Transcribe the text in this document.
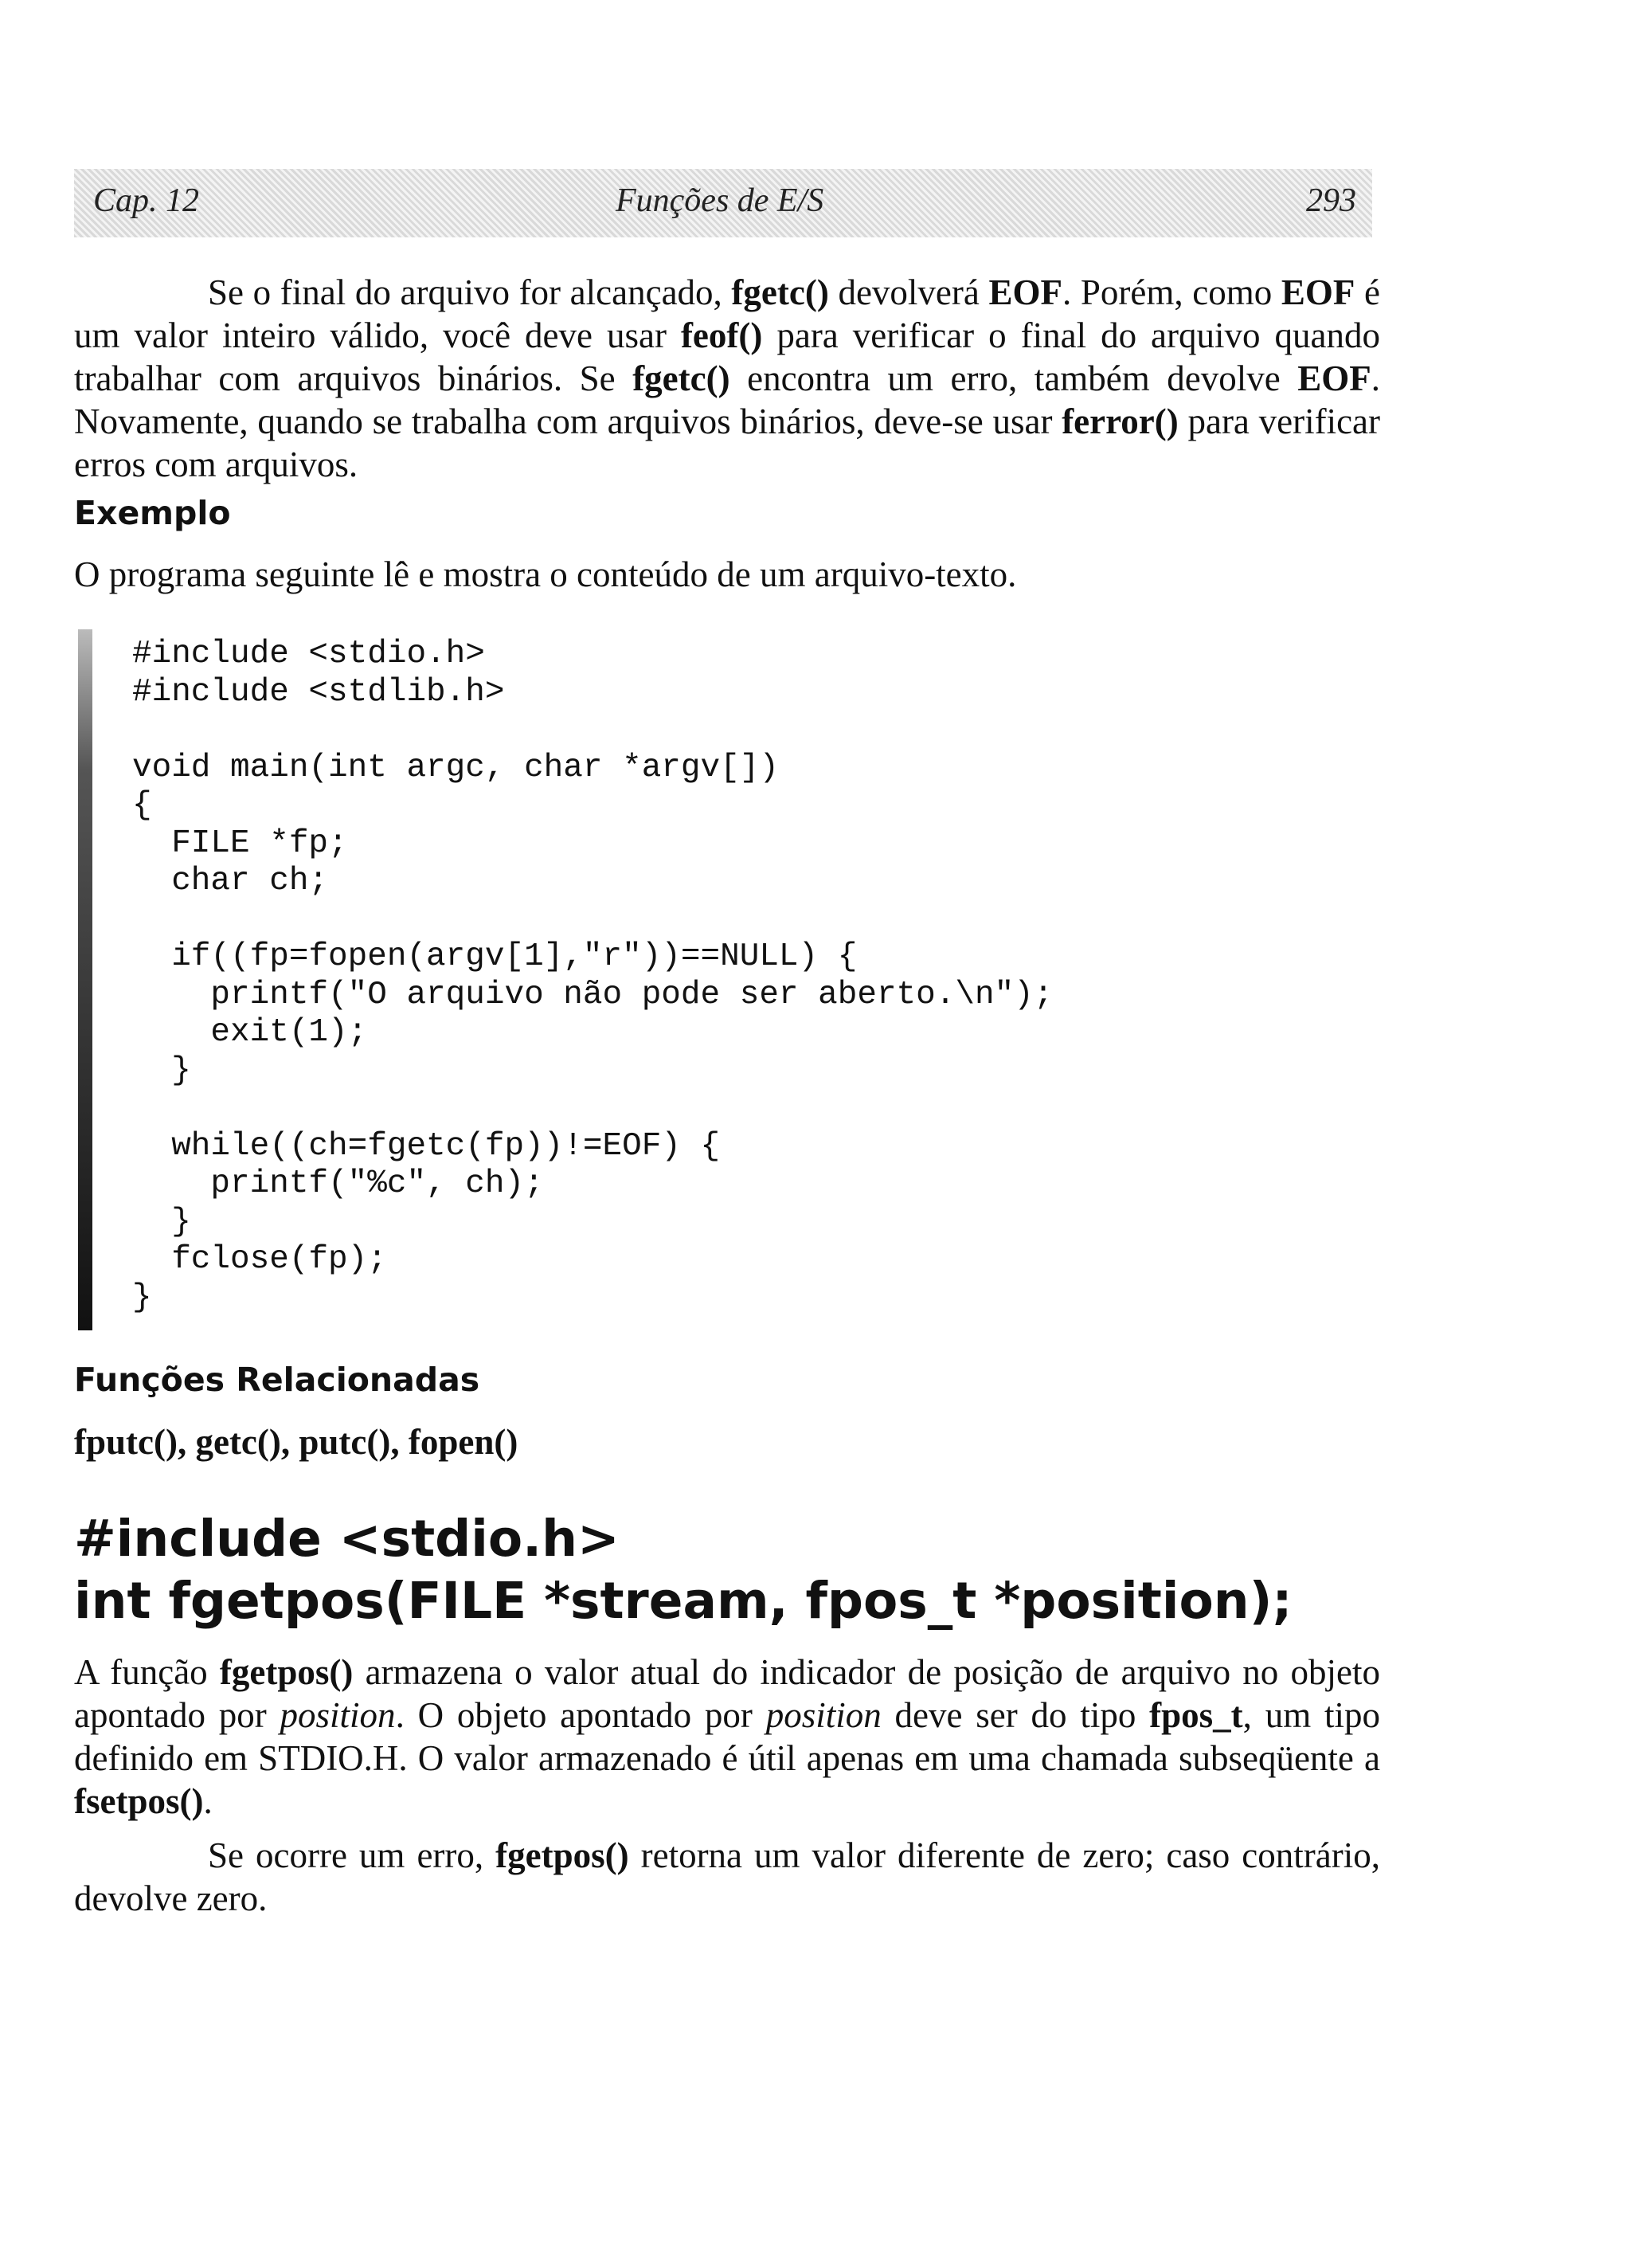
Cap. 12	Funções de E/S	293

Se o final do arquivo for alcançado, fgetc() devolverá EOF. Porém, como EOF é um valor inteiro válido, você deve usar feof() para verificar o final do arquivo quando trabalhar com arquivos binários. Se fgetc() encontra um erro, também devolve EOF. Novamente, quando se trabalha com arquivos binários, deve-se usar ferror() para verificar erros com arquivos.

Exemplo

O programa seguinte lê e mostra o conteúdo de um arquivo-texto.

#include <stdio.h>
#include <stdlib.h>

void main(int argc, char *argv[])
{
FILE *fp;
char ch;

if((fp=fopen(argv[1],"r"))==NULL) {
printf("O arquivo não pode ser aberto.\n");
exit(1);
}

while((ch=fgetc(fp))!=EOF) {
printf("%c", ch);
}
fclose(fp);
}
Funções Relacionadas

fputc(), getc(), putc(), fopen()

#include <stdio.h>

int fgetpos(FILE *stream, fpos_t *position);

A função fgetpos() armazena o valor atual do indicador de posição de arquivo no objeto apontado por position. O objeto apontado por position deve ser do tipo fpos_t, um tipo definido em STDIO.H. O valor armazenado é útil apenas em uma chamada subseqüente a fsetpos().

Se ocorre um erro, fgetpos() retorna um valor diferente de zero; caso contrário, devolve zero.
